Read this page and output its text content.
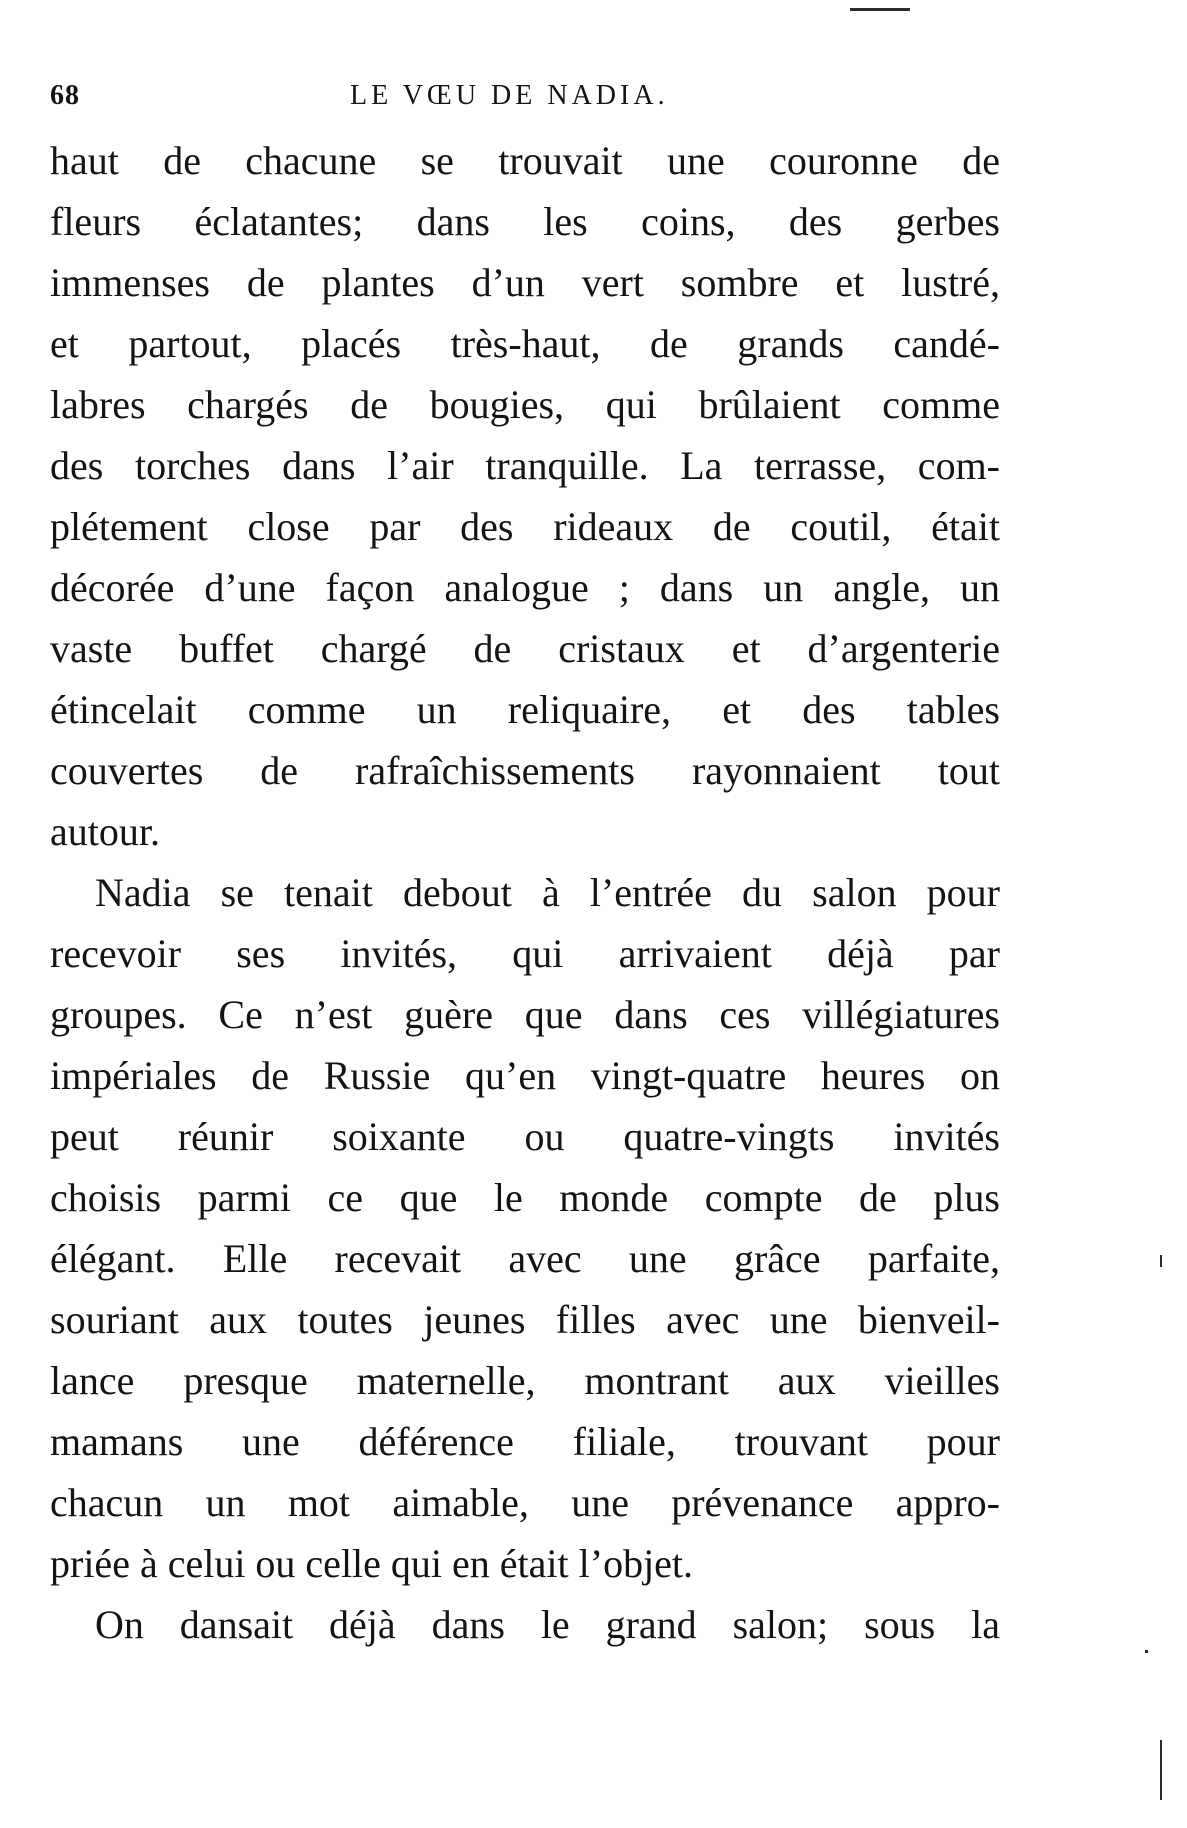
68	LE VŒU DE NADIA.
haut de chacune se trouvait une couronne de
fleurs éclatantes; dans les coins, des gerbes
immenses de plantes d’un vert sombre et lustré,
et partout, placés très-haut, de grands candé-
labres chargés de bougies, qui brûlaient comme
des torches dans l’air tranquille. La terrasse, com-
plétement close par des rideaux de coutil, était
décorée d’une façon analogue ; dans un angle, un
vaste buffet chargé de cristaux et d’argenterie
étincelait comme un reliquaire, et des tables
couvertes de rafraîchissements rayonnaient tout
autour.
Nadia se tenait debout à l’entrée du salon pour
recevoir ses invités, qui arrivaient déjà par
groupes. Ce n’est guère que dans ces villégiatures
impériales de Russie qu’en vingt-quatre heures on
peut réunir soixante ou quatre-vingts invités
choisis parmi ce que le monde compte de plus
élégant. Elle recevait avec une grâce parfaite,
souriant aux toutes jeunes filles avec une bienveil-
lance presque maternelle, montrant aux vieilles
mamans une déférence filiale, trouvant pour
chacun un mot aimable, une prévenance appro-
priée à celui ou celle qui en était l’objet.
On dansait déjà dans le grand salon; sous la
